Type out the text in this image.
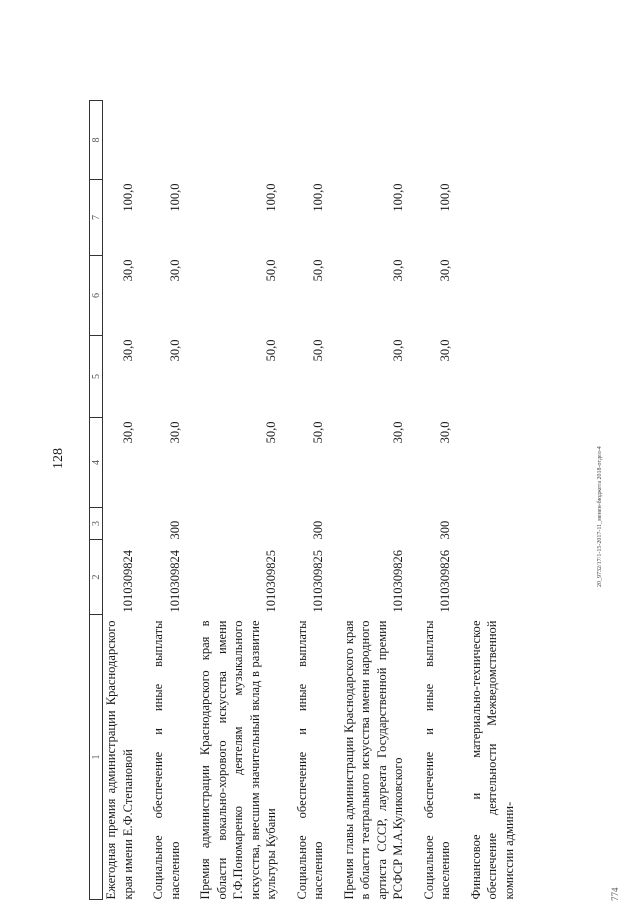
128
1	2	3	4	5	6	7	8
Ежегодная премия администрации Краснодарского края имени Е.Ф.Степановой	1010309824		30,0	30,0	30,0	100,0	
Социальное обеспечение и иные выплаты населению	1010309824	300	30,0	30,0	30,0	100,0	
Премия администрации Краснодарского края в области вокально-хорового искусства имени Г.Ф.Пономаренко деятелям музыкального искусства, внесшим значительный вклад в развитие культуры Кубани	1010309825		50,0	50,0	50,0	100,0	
Социальное обеспечение и иные выплаты населению	1010309825	300	50,0	50,0	50,0	100,0	
Премия главы администрации Краснодарского края в области театрального искусства имени народного артиста СССР, лауреата Государственной премии РСФСР М.А.Куликовского	1010309826		30,0	30,0	30,0	100,0	
Социальное обеспечение и иные выплаты населению	1010309826	300	30,0	30,0	30,0	100,0	
Финансовое и материально-техническое обеспечение деятельности Межведомственной комиссии админи-								774
20_9732/17/1-15-2017-11_менен-бюджета 2018-отдел-4
